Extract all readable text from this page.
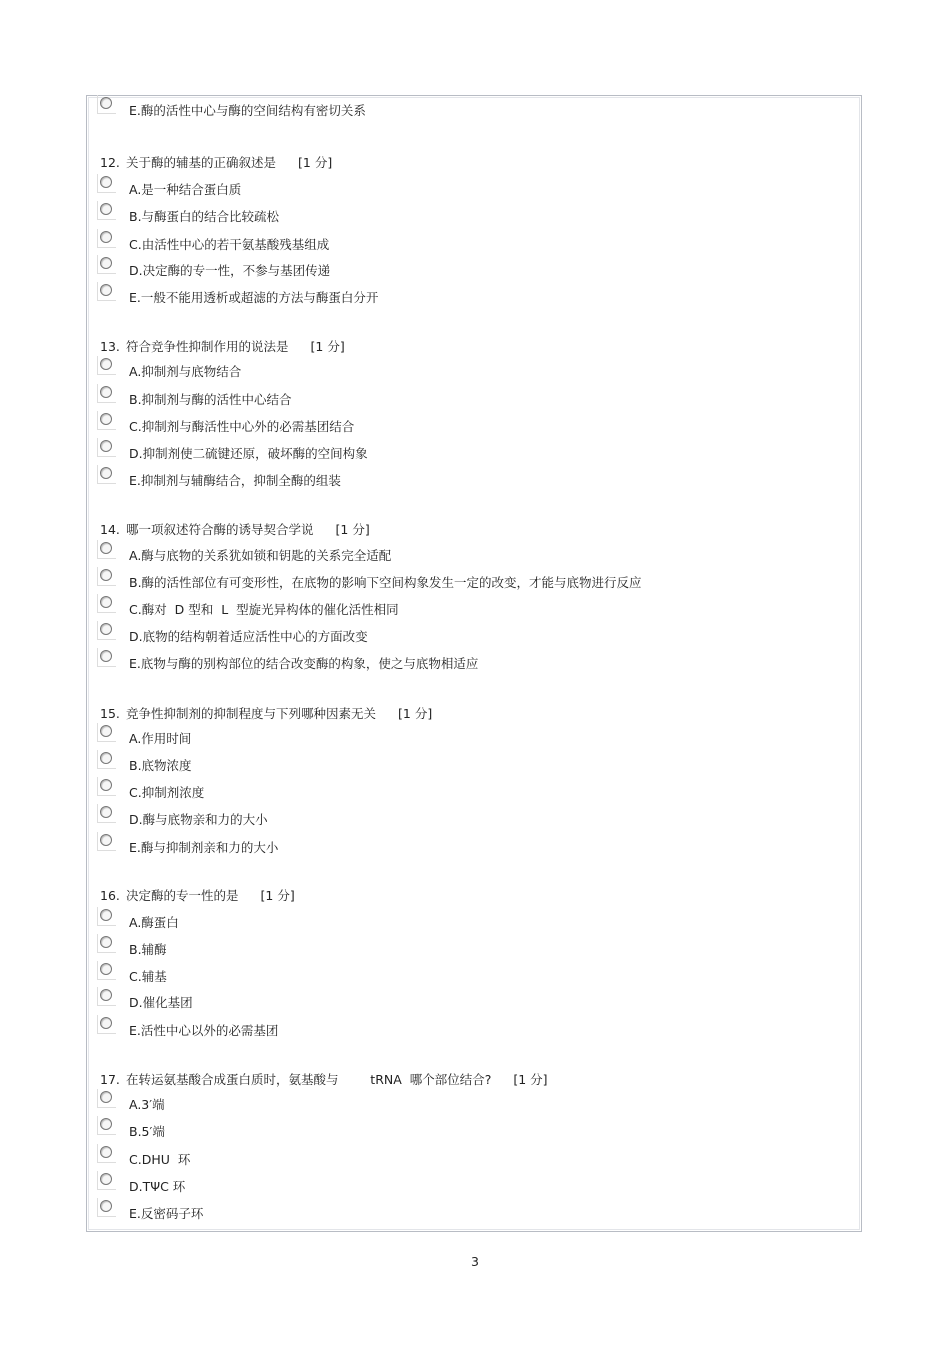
E.酶的活性中心与酶的空间结构有密切关系
12. 关于酶的辅基的正确叙述是 [1 分]
A.是一种结合蛋白质
B.与酶蛋白的结合比较疏松
C.由活性中心的若干氨基酸残基组成
D.决定酶的专一性，不参与基团传递
E.一般不能用透析或超滤的方法与酶蛋白分开
13. 符合竞争性抑制作用的说法是 [1 分]
A.抑制剂与底物结合
B.抑制剂与酶的活性中心结合
C.抑制剂与酶活性中心外的必需基团结合
D.抑制剂使二硫键还原，破坏酶的空间构象
E.抑制剂与辅酶结合，抑制全酶的组装
14. 哪一项叙述符合酶的诱导契合学说 [1 分]
A.酶与底物的关系犹如锁和钥匙的关系完全适配
B.酶的活性部位有可变形性，在底物的影响下空间构象发生一定的改变，才能与底物进行反应
C.酶对  D 型和  L  型旋光异构体的催化活性相同
D.底物的结构朝着适应活性中心的方面改变
E.底物与酶的别构部位的结合改变酶的构象，使之与底物相适应
15. 竞争性抑制剂的抑制程度与下列哪种因素无关 [1 分]
A.作用时间
B.底物浓度
C.抑制剂浓度
D.酶与底物亲和力的大小
E.酶与抑制剂亲和力的大小
16. 决定酶的专一性的是 [1 分]
A.酶蛋白
B.辅酶
C.辅基
D.催化基团
E.活性中心以外的必需基团
17. 在转运氨基酸合成蛋白质时，氨基酸与        tRNA  哪个部位结合? [1 分]
A.3′端
B.5′端
C.DHU  环
D.TΨC 环
E.反密码子环
3
